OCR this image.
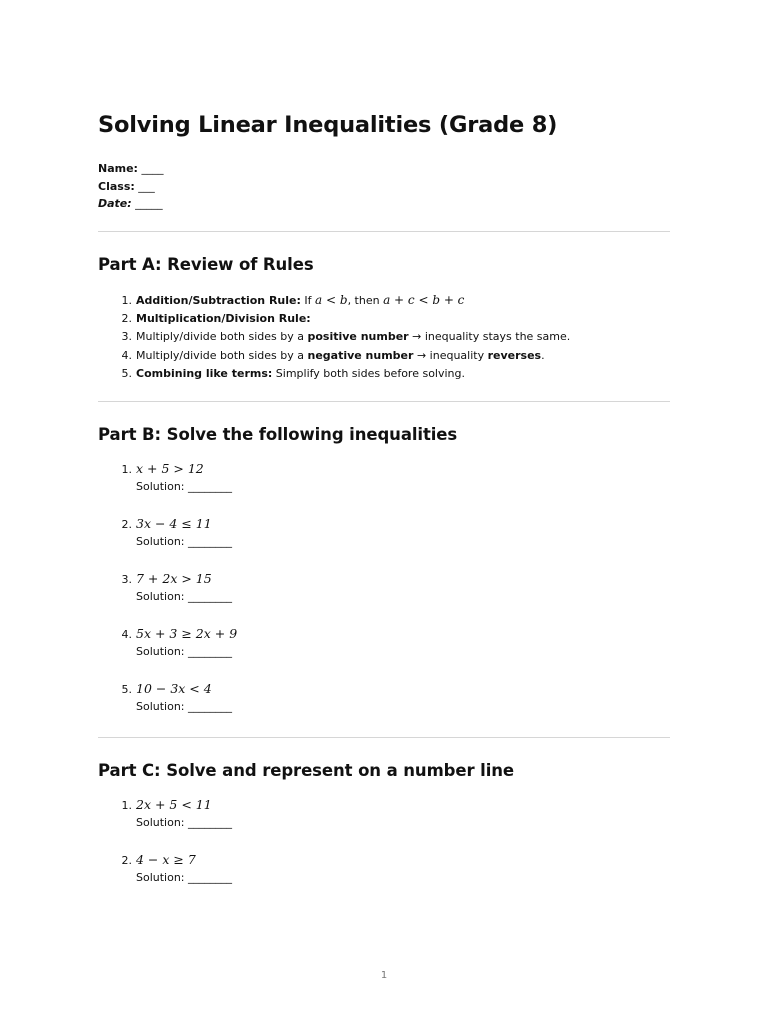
Solving Linear Inequalities (Grade 8)
Name: ____
Class: ___
Date: _____
Part A: Review of Rules
1. Addition/Subtraction Rule: If a < b, then a + c < b + c
2. Multiplication/Division Rule:
3. Multiply/divide both sides by a positive number → inequality stays the same.
4. Multiply/divide both sides by a negative number → inequality reverses.
5. Combining like terms: Simplify both sides before solving.
Part B: Solve the following inequalities
1. x + 5 > 12
Solution: ________
2. 3x − 4 ≤ 11
Solution: ________
3. 7 + 2x > 15
Solution: ________
4. 5x + 3 ≥ 2x + 9
Solution: ________
5. 10 − 3x < 4
Solution: ________
Part C: Solve and represent on a number line
1. 2x + 5 < 11
Solution: ________
2. 4 − x ≥ 7
Solution: ________
1
